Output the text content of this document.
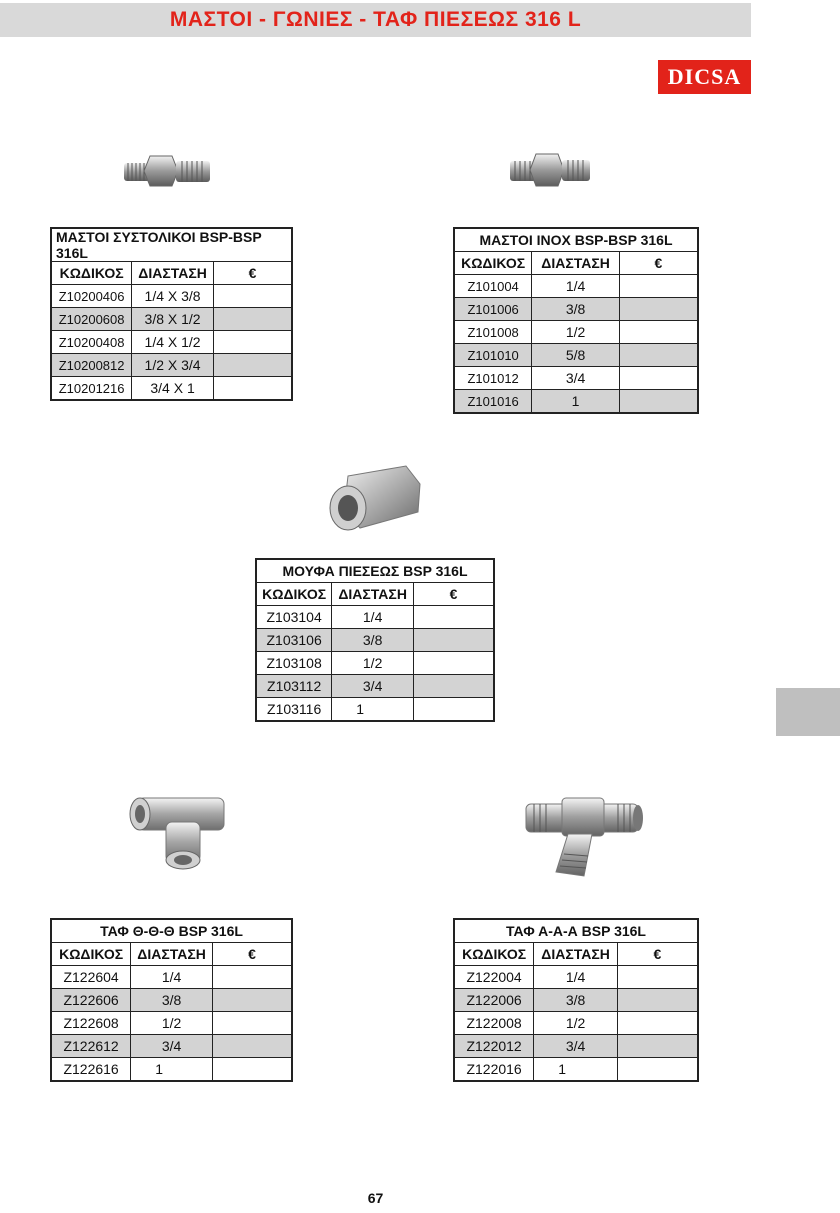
ΜΑΣΤΟΙ - ΓΩΝΙΕΣ - ΤΑΦ ΠΙΕΣΕΩΣ 316 L
DICSA
ΜΑΣΤΟΙ ΣΥΣΤΟΛΙΚΟΙ BSP-BSP 316L		
ΚΩΔΙΚΟΣ	ΔΙΑΣΤΑΣΗ	€
Z10200406	1/4 X 3/8	
Z10200608	3/8 X 1/2	
Z10200408	1/4 X 1/2	
Z10200812	1/2 X 3/4	
Z10201216	3/4 X 1	
ΜΑΣΤΟΙ INOX BSP-BSP 316L		
ΚΩΔΙΚΟΣ	ΔΙΑΣΤΑΣΗ	€
Z101004	1/4	
Z101006	3/8	
Z101008	1/2	
Z101010	5/8	
Z101012	3/4	
Z101016	1	
ΜΟΥΦΑ ΠΙΕΣΕΩΣ BSP 316L		
ΚΩΔΙΚΟΣ	ΔΙΑΣΤΑΣΗ	€
Z103104	1/4	
Z103106	3/8	
Z103108	1/2	
Z103112	3/4	
Z103116	1	
ΤΑΦ Θ-Θ-Θ BSP 316L		
ΚΩΔΙΚΟΣ	ΔΙΑΣΤΑΣΗ	€
Z122604	1/4	
Z122606	3/8	
Z122608	1/2	
Z122612	3/4	
Z122616	1	
ΤΑΦ Α-Α-Α BSP 316L		
ΚΩΔΙΚΟΣ	ΔΙΑΣΤΑΣΗ	€
Z122004	1/4	
Z122006	3/8	
Z122008	1/2	
Z122012	3/4	
Z122016	1	
67
